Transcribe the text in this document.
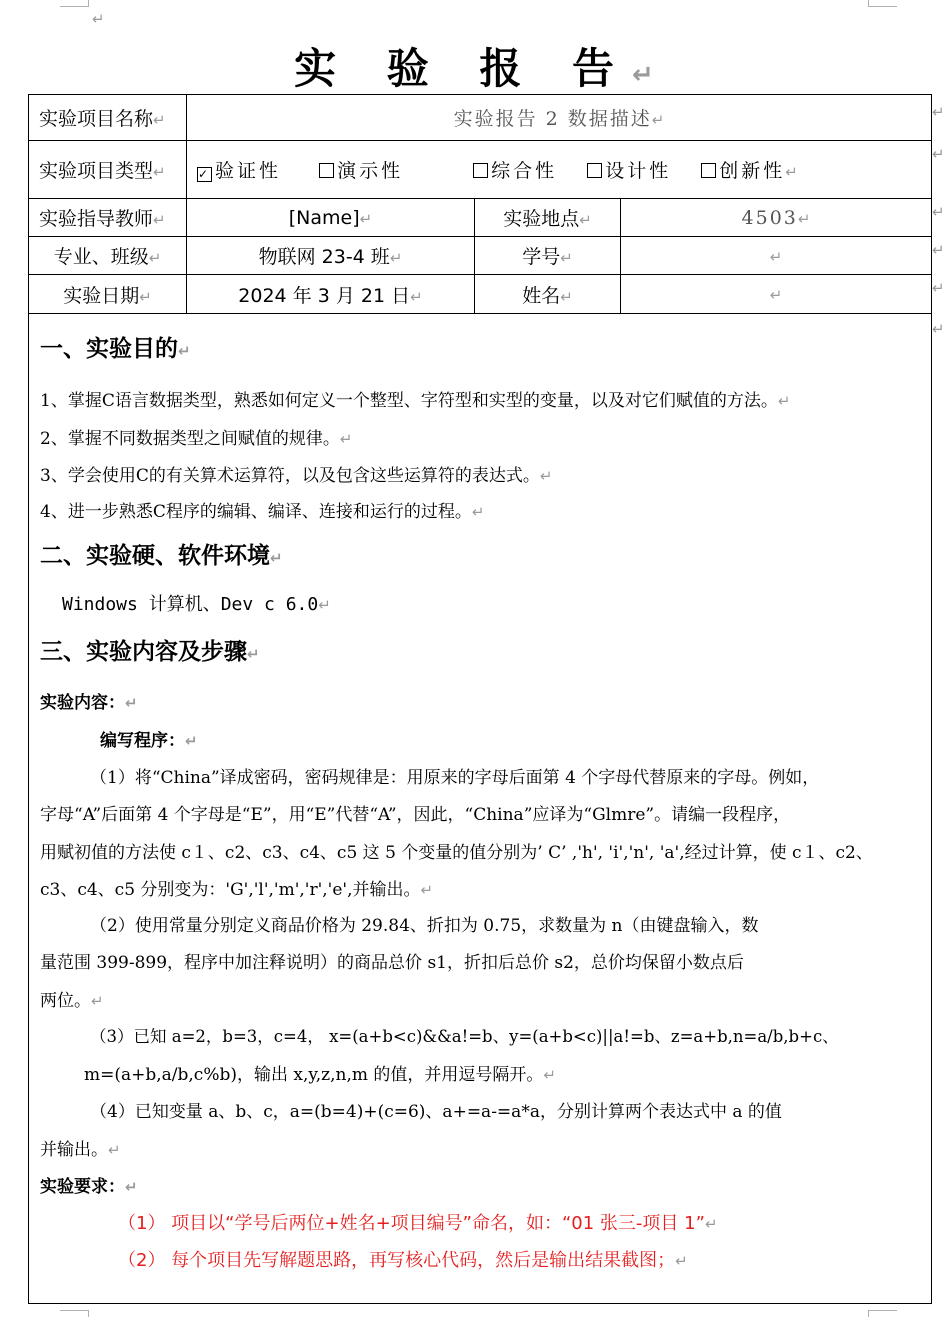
↵
实 验 报 告↵
实验项目名称↵	实验报告 2 数据描述↵		
实验项目类型↵	✓ 验证性 演示性 综合性 设计性 创新性↵		
实验指导教师↵	[Name]↵	实验地点↵	4503↵
专业、班级↵	物联网 23-4 班↵	学号↵	↵
实验日期↵	2024 年 3 月 21 日↵	姓名↵	↵
↵
↵
↵
↵
↵
↵
一、实验目的↵
1、掌握C语言数据类型，熟悉如何定义一个整型、字符型和实型的变量，以及对它们赋值的方法。↵
2、掌握不同数据类型之间赋值的规律。↵
3、学会使用C的有关算术运算符，以及包含这些运算符的表达式。↵
4、进一步熟悉C程序的编辑、编译、连接和运行的过程。↵
二、实验硬、软件环境↵
Windows 计算机、Dev c 6.0↵
三、实验内容及步骤↵
实验内容：↵
编写程序：↵
（1）将“China”译成密码，密码规律是：用原来的字母后面第 4 个字母代替原来的字母。例如，
字母“A”后面第 4 个字母是“E”，用“E”代替“A”，因此，“China”应译为“Glmre”。请编一段程序，
用赋初值的方法使 c１、c2、c3、c4、c5 这 5 个变量的值分别为’ C’ ,'h', 'i','n', 'a',经过计算，使 c１、c2、
c3、c4、c5 分别变为：'G','l','m','r','e',并输出。↵
（2）使用常量分别定义商品价格为 29.84、折扣为 0.75，求数量为 n（由键盘输入，数
量范围 399-899，程序中加注释说明）的商品总价 s1，折扣后总价 s2，总价均保留小数点后
两位。↵
（3）已知 a=2，b=3，c=4， x=(a+b<c)&&a!=b、y=(a+b<c)||a!=b、z=a+b,n=a/b,b+c、
m=(a+b,a/b,c%b)，输出 x,y,z,n,m 的值，并用逗号隔开。↵
（4）已知变量 a、b、c，a=(b=4)+(c=6)、a+=a-=a*a，分别计算两个表达式中 a 的值
并输出。↵
实验要求：↵
（1） 项目以“学号后两位+姓名+项目编号”命名，如：“01 张三-项目 1”↵
（2） 每个项目先写解题思路，再写核心代码，然后是输出结果截图；↵
